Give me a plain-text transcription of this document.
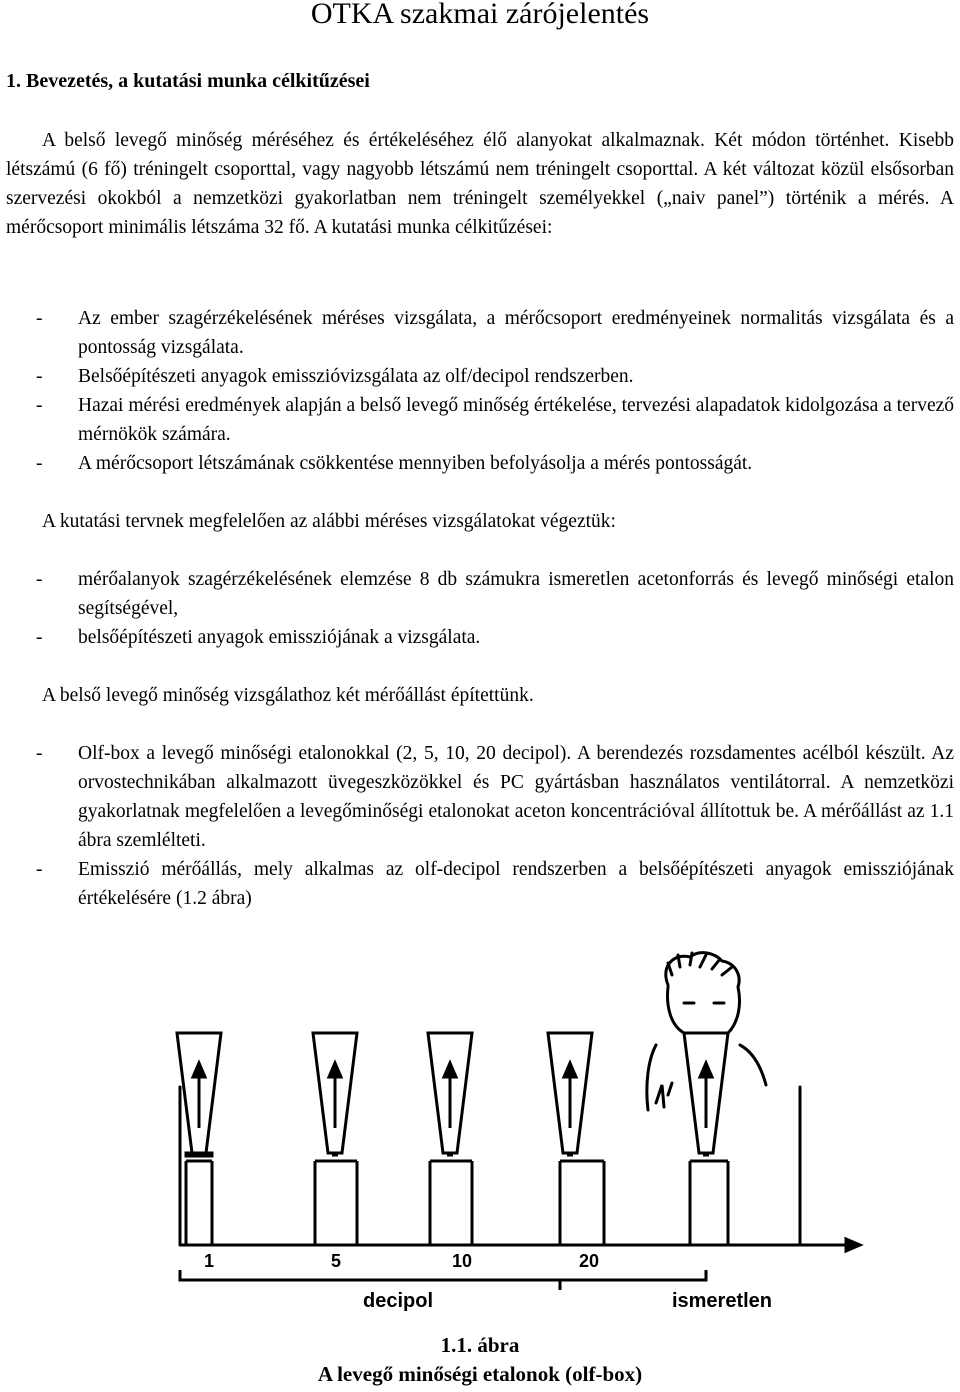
OTKA szakmai zárójelentés
1. Bevezetés, a kutatási munka célkitűzései

A belső levegő minőség méréséhez és értékeléséhez élő alanyokat alkalmaznak. Két módon történhet. Kisebb létszámú (6 fő) tréningelt csoporttal, vagy nagyobb létszámú nem tréningelt csoporttal. A két változat közül elsősorban szervezési okokból a nemzetközi gyakorlatban nem tréningelt személyekkel („naiv panel”) történik a mérés. A mérőcsoport minimális létszáma 32 fő. A kutatási munka célkitűzései:

- Az ember szagérzékelésének méréses vizsgálata, a mérőcsoport eredményeinek normalitás vizsgálata és a pontosság vizsgálata.
- Belsőépítészeti anyagok emisszióvizsgálata az olf/decipol rendszerben.
- Hazai mérési eredmények alapján a belső levegő minőség értékelése, tervezési alapadatok kidolgozása a tervező mérnökök számára.
- A mérőcsoport létszámának csökkentése mennyiben befolyásolja a mérés pontosságát.

A kutatási tervnek megfelelően az alábbi méréses vizsgálatokat végeztük:

- mérőalanyok szagérzékelésének elemzése 8 db számukra ismeretlen acetonforrás és levegő minőségi etalon segítségével,
- belsőépítészeti anyagok emissziójának a vizsgálata.

A belső levegő minőség vizsgálathoz két mérőállást építettünk.

- Olf-box a levegő minőségi etalonokkal (2, 5, 10, 20 decipol). A berendezés rozsdamentes acélból készült. Az orvostechnikában alkalmazott üvegeszközökkel és PC gyártásban használatos ventilátorral. A nemzetközi gyakorlatnak megfelelően a levegőminőségi etalonokat aceton koncentrációval állítottuk be. A mérőállást az 1.1 ábra szemlélteti.
- Emisszió mérőállás, mely alkalmas az olf-decipol rendszerben a belsőépítészeti anyagok emissziójának értékelésére (1.2 ábra)
1	5	10	20
decipol	ismeretlen
1.1. ábra
A levegő minőségi etalonok (olf-box)
